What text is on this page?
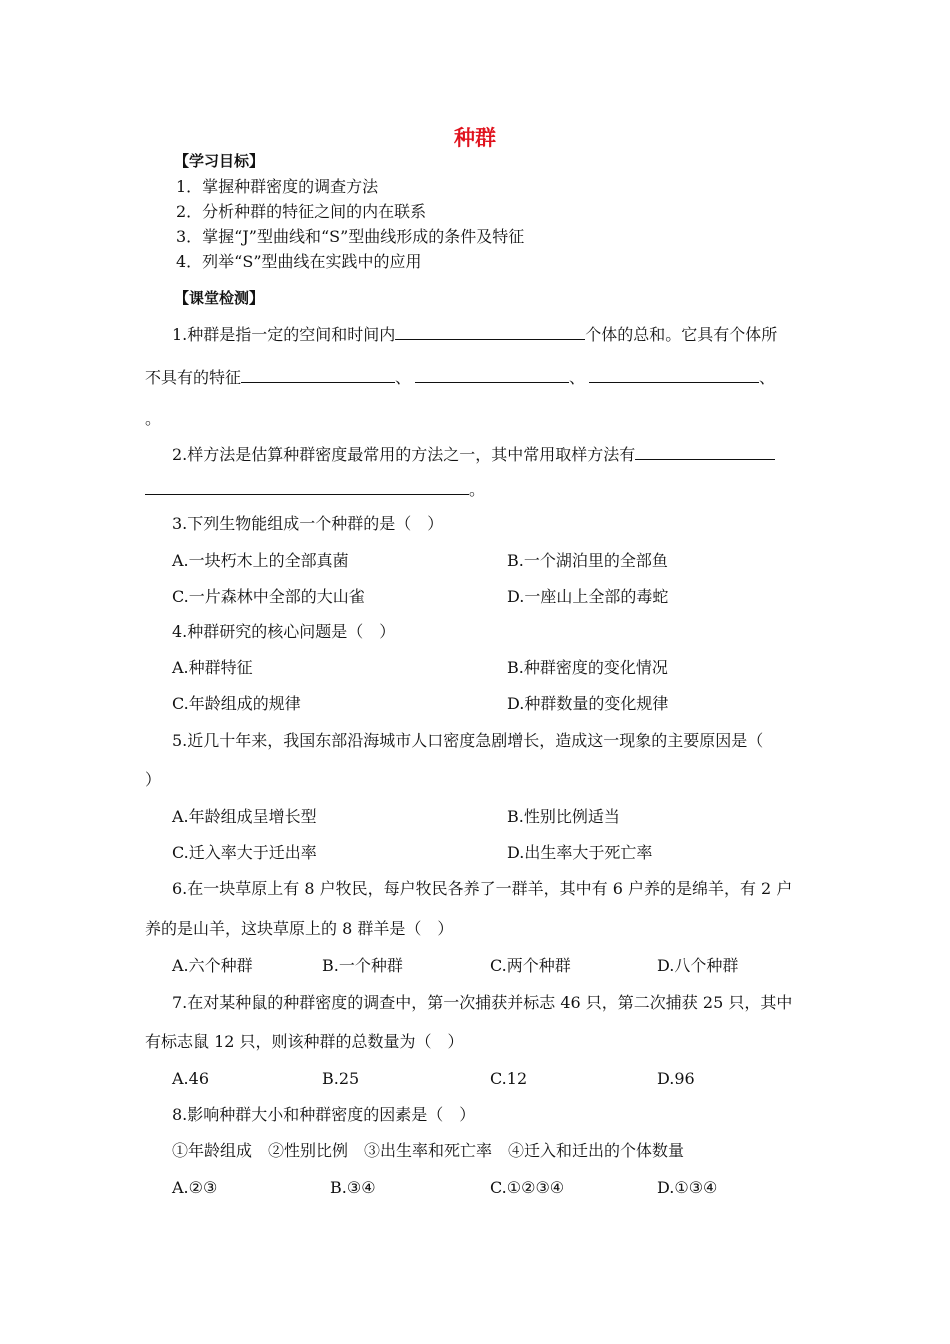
种群
【学习目标】
1．掌握种群密度的调查方法
2．分析种群的特征之间的内在联系
3．掌握“J”型曲线和“S”型曲线形成的条件及特征
4．列举“S”型曲线在实践中的应用
【课堂检测】
1.种群是指一定的空间和时间内	个体的总和。它具有个体所
不具有的特征	、	、	、
。
2.样方法是估算种群密度最常用的方法之一，其中常用取样方法有
。
3.下列生物能组成一个种群的是（　）
A.一块朽木上的全部真菌	B.一个湖泊里的全部鱼
C.一片森林中全部的大山雀	D.一座山上全部的毒蛇
4.种群研究的核心问题是（　）
A.种群特征	B.种群密度的变化情况
C.年龄组成的规律	D.种群数量的变化规律
5.近几十年来，我国东部沿海城市人口密度急剧增长，造成这一现象的主要原因是（
）
A.年龄组成呈增长型	B.性别比例适当
C.迁入率大于迁出率	D.出生率大于死亡率
6.在一块草原上有 8 户牧民，每户牧民各养了一群羊，其中有 6 户养的是绵羊，有 2 户
养的是山羊，这块草原上的 8 群羊是（　）
A.六个种群	B.一个种群	C.两个种群	D.八个种群
7.在对某种鼠的种群密度的调查中，第一次捕获并标志 46 只，第二次捕获 25 只，其中
有标志鼠 12 只，则该种群的总数量为（　）
A.46	B.25	C.12	D.96
8.影响种群大小和种群密度的因素是（　）
①年龄组成　②性别比例　③出生率和死亡率　④迁入和迁出的个体数量
A.②③	B.③④	C.①②③④	D.①③④
